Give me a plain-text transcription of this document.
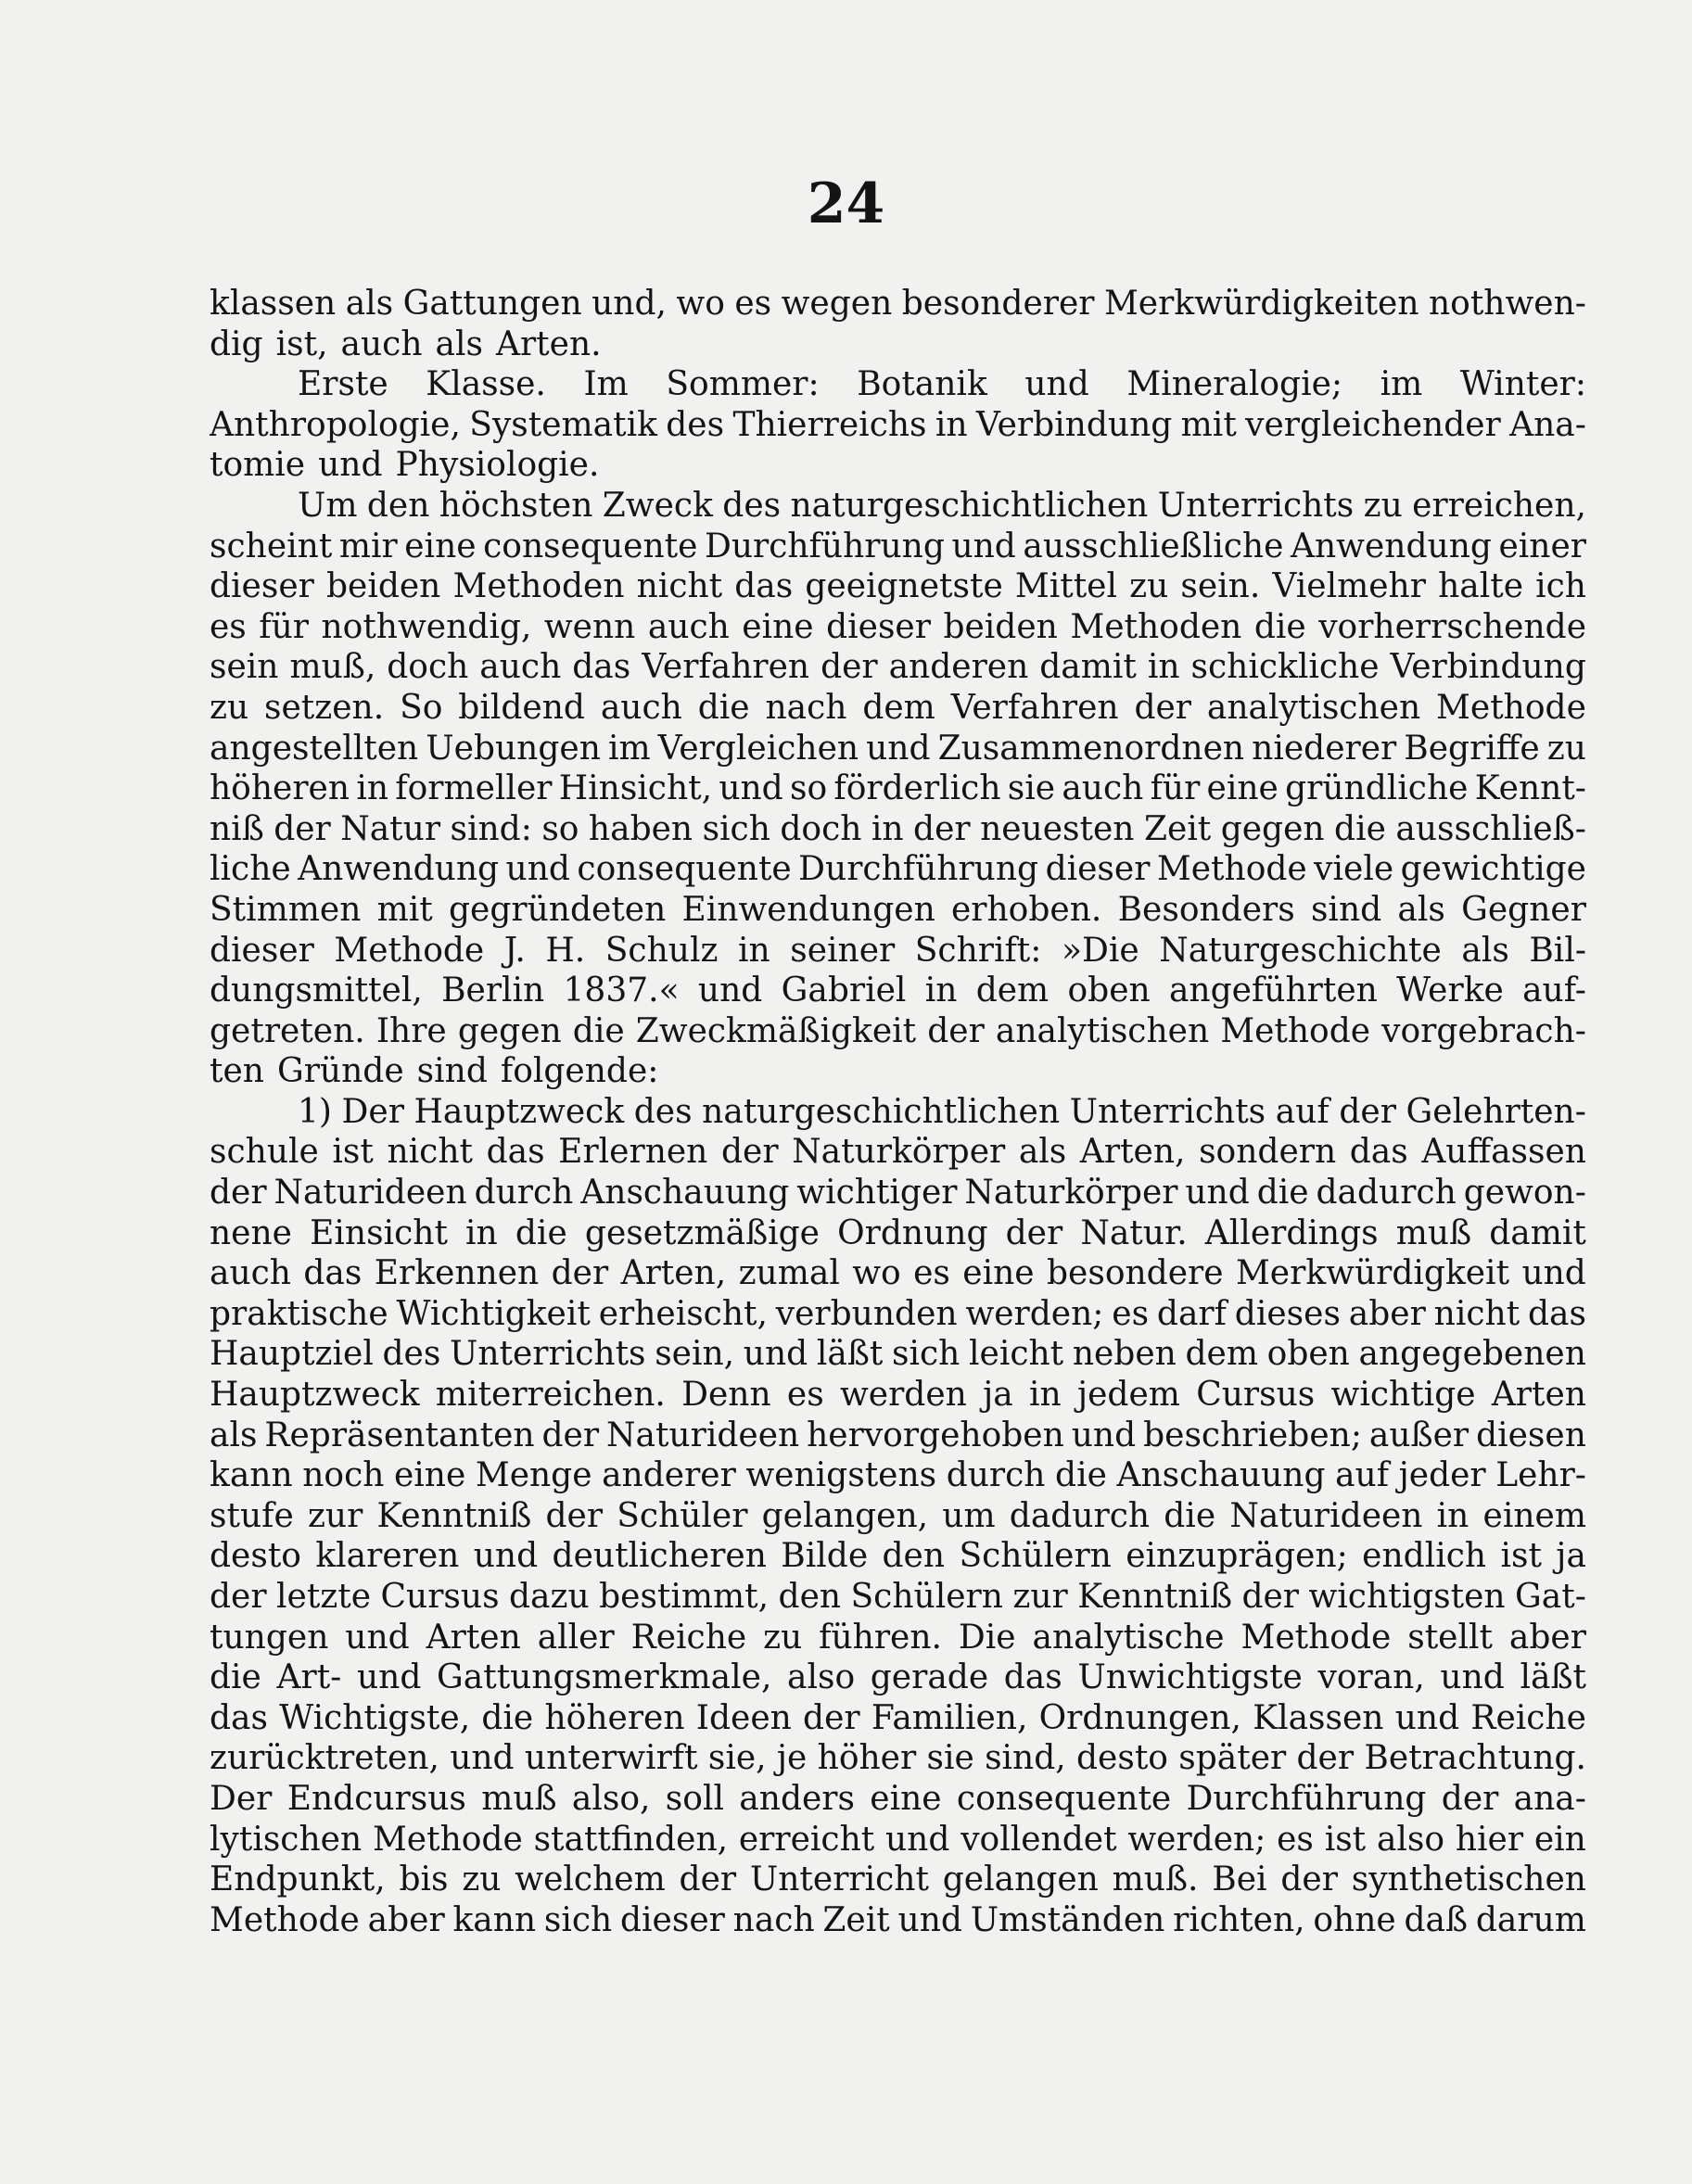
24
klassen als Gattungen und, wo es wegen besonderer Merkwürdigkeiten nothwen-
dig ist, auch als Arten.
Erste Klasse. Im Sommer: Botanik und Mineralogie; im Winter:
Anthropologie, Systematik des Thierreichs in Verbindung mit vergleichender Ana-
tomie und Physiologie.
Um den höchsten Zweck des naturgeschichtlichen Unterrichts zu erreichen,
scheint mir eine consequente Durchführung und ausschließliche Anwendung einer
dieser beiden Methoden nicht das geeignetste Mittel zu sein. Vielmehr halte ich
es für nothwendig, wenn auch eine dieser beiden Methoden die vorherrschende
sein muß, doch auch das Verfahren der anderen damit in schickliche Verbindung
zu setzen. So bildend auch die nach dem Verfahren der analytischen Methode
angestellten Uebungen im Vergleichen und Zusammenordnen niederer Begriffe zu
höheren in formeller Hinsicht, und so förderlich sie auch für eine gründliche Kennt-
niß der Natur sind: so haben sich doch in der neuesten Zeit gegen die ausschließ-
liche Anwendung und consequente Durchführung dieser Methode viele gewichtige
Stimmen mit gegründeten Einwendungen erhoben. Besonders sind als Gegner
dieser Methode J. H. Schulz in seiner Schrift: »Die Naturgeschichte als Bil-
dungsmittel, Berlin 1837.« und Gabriel in dem oben angeführten Werke auf-
getreten. Ihre gegen die Zweckmäßigkeit der analytischen Methode vorgebrach-
ten Gründe sind folgende:
1) Der Hauptzweck des naturgeschichtlichen Unterrichts auf der Gelehrten-
schule ist nicht das Erlernen der Naturkörper als Arten, sondern das Auffassen
der Naturideen durch Anschauung wichtiger Naturkörper und die dadurch gewon-
nene Einsicht in die gesetzmäßige Ordnung der Natur. Allerdings muß damit
auch das Erkennen der Arten, zumal wo es eine besondere Merkwürdigkeit und
praktische Wichtigkeit erheischt, verbunden werden; es darf dieses aber nicht das
Hauptziel des Unterrichts sein, und läßt sich leicht neben dem oben angegebenen
Hauptzweck miterreichen. Denn es werden ja in jedem Cursus wichtige Arten
als Repräsentanten der Naturideen hervorgehoben und beschrieben; außer diesen
kann noch eine Menge anderer wenigstens durch die Anschauung auf jeder Lehr-
stufe zur Kenntniß der Schüler gelangen, um dadurch die Naturideen in einem
desto klareren und deutlicheren Bilde den Schülern einzuprägen; endlich ist ja
der letzte Cursus dazu bestimmt, den Schülern zur Kenntniß der wichtigsten Gat-
tungen und Arten aller Reiche zu führen. Die analytische Methode stellt aber
die Art- und Gattungsmerkmale, also gerade das Unwichtigste voran, und läßt
das Wichtigste, die höheren Ideen der Familien, Ordnungen, Klassen und Reiche
zurücktreten, und unterwirft sie, je höher sie sind, desto später der Betrachtung.
Der Endcursus muß also, soll anders eine consequente Durchführung der ana-
lytischen Methode stattfinden, erreicht und vollendet werden; es ist also hier ein
Endpunkt, bis zu welchem der Unterricht gelangen muß. Bei der synthetischen
Methode aber kann sich dieser nach Zeit und Umständen richten, ohne daß darum
